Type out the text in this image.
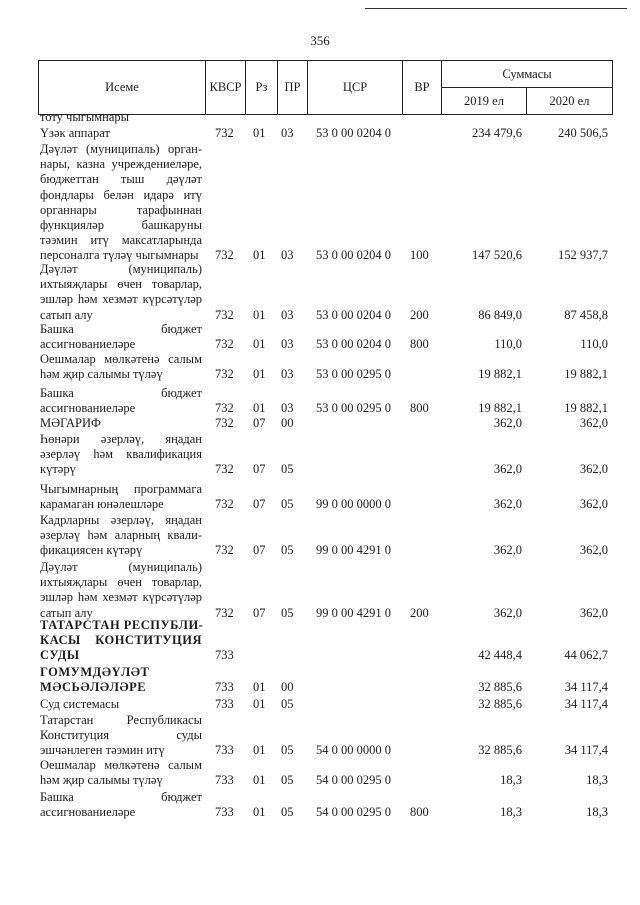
356
Исеме	КВСР	Рз	ПР	ЦСР	ВР
Суммасы
2019 ел	2020 ел
тоту чыгымнары
Үзәк аппарат	732 01 03 53 0 00 0204 0	234 479,6	240 506,5
Дәүләт (муниципаль) орган-
нары, казна учреждениеләре,
бюджеттан тыш дәүләт
фондлары белән идарә итү
органнары тарафыннан
функцияләр башкаруны
тәэмин итү максатларында
персоналга түләү чыгымнары 732 01 03 53 0 00 0204 0 100	147 520,6	152 937,7
Дәүләт (муниципаль)
ихтыяҗлары өчен товарлар,
эшләр һәм хезмәт күрсәтүләр
сатып алу	732 01 03 53 0 00 0204 0 200	86 849,0	87 458,8
Башка бюджет
ассигнованиеләре	732 01 03 53 0 00 0204 0 800	110,0	110,0
Оешмалар мөлкәтенә салым
һәм җир салымы түләү	732 01 03 53 0 00 0295 0	19 882,1	19 882,1
Башка бюджет
ассигнованиеләре	732 01 03 53 0 00 0295 0 800	19 882,1	19 882,1
МӘГАРИФ	732 07 00	362,0	362,0
Һөнәри әзерләү, яңадан
әзерләү һәм квалификация
күтәрү	732 07 05	362,0	362,0
Чыгымнарның программага
карамаган юнәлешләре	732 07 05 99 0 00 0000 0	362,0	362,0
Кадрларны әзерләү, яңадан
әзерләү һәм аларның квали-
фикациясен күтәрү	732 07 05 99 0 00 4291 0	362,0	362,0
Дәүләт (муниципаль)
ихтыяҗлары өчен товарлар,
эшләр һәм хезмәт күрсәтүләр
сатып алу	732 07 05 99 0 00 4291 0 200	362,0	362,0
ТАТАРСТАН РЕСПУБЛИ-
КАСЫ КОНСТИТУЦИЯ
СУДЫ	733	42 448,4	44 062,7
ГОМУМДӘҮЛӘТ
МӘСЬӘЛӘЛӘРЕ	733 01 00	32 885,6	34 117,4
Суд системасы	733 01 05	32 885,6	34 117,4
Татарстан Республикасы
Конституция суды
эшчәнлеген тәэмин итү	733 01 05 54 0 00 0000 0	32 885,6	34 117,4
Оешмалар мөлкәтенә салым
һәм җир салымы түләү	733 01 05 54 0 00 0295 0	18,3	18,3
Башка бюджет
ассигнованиеләре	733 01 05 54 0 00 0295 0 800	18,3	18,3
